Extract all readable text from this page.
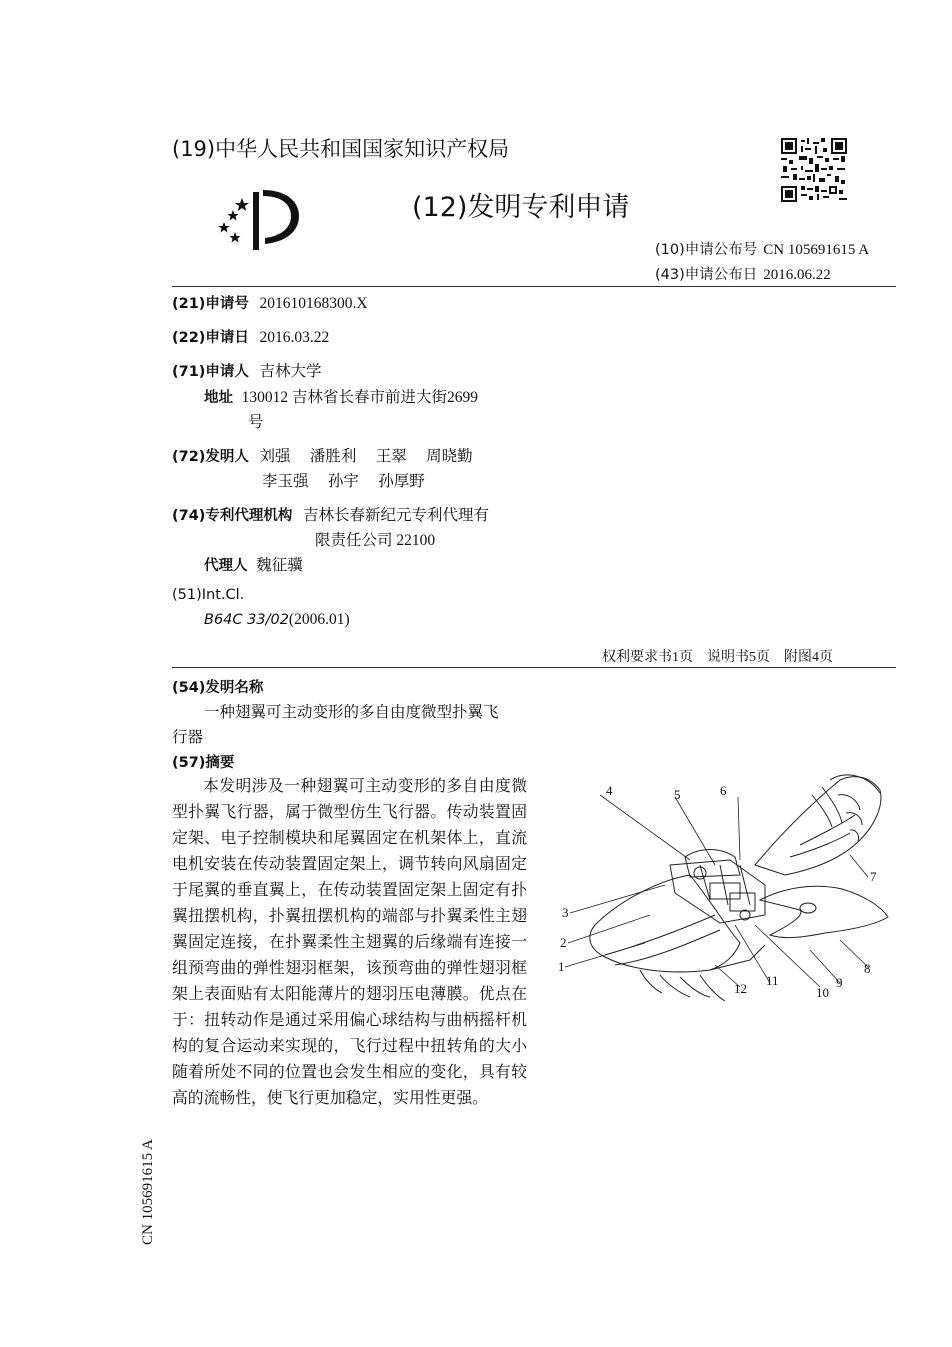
(19)中华人民共和国国家知识产权局
(12)发明专利申请
(10)申请公布号 CN 105691615 A
(43)申请公布日 2016.06.22
(21)申请号 201610168300.X
(22)申请日 2016.03.22
(71)申请人 吉林大学
地址 130012 吉林省长春市前进大街2699
号
(72)发明人 刘强　 潘胜利　 王翠　 周晓勤
李玉强　 孙宇　 孙厚野
(74)专利代理机构 吉林长春新纪元专利代理有
限责任公司 22100
代理人 魏征骥
(51)Int.Cl.
B64C 33/02(2006.01)
权利要求书1页　说明书5页　附图4页
(54)发明名称
一种翅翼可主动变形的多自由度微型扑翼飞
行器
(57)摘要
本发明涉及一种翅翼可主动变形的多自由度微型扑翼飞行器，属于微型仿生飞行器。传动装置固定架、电子控制模块和尾翼固定在机架体上，直流电机安装在传动装置固定架上，调节转向风扇固定于尾翼的垂直翼上，在传动装置固定架上固定有扑翼扭摆机构，扑翼扭摆机构的端部与扑翼柔性主翅翼固定连接，在扑翼柔性主翅翼的后缘端有连接一组预弯曲的弹性翅羽框架，该预弯曲的弹性翅羽框架上表面贴有太阳能薄片的翅羽压电薄膜。优点在于：扭转动作是通过采用偏心球结构与曲柄摇杆机构的复合运动来实现的，飞行过程中扭转角的大小随着所处不同的位置也会发生相应的变化，具有较高的流畅性，使飞行更加稳定，实用性更强。
4	5	6
7
3
2
1	8
9
10
11
12
CN 105691615 A
